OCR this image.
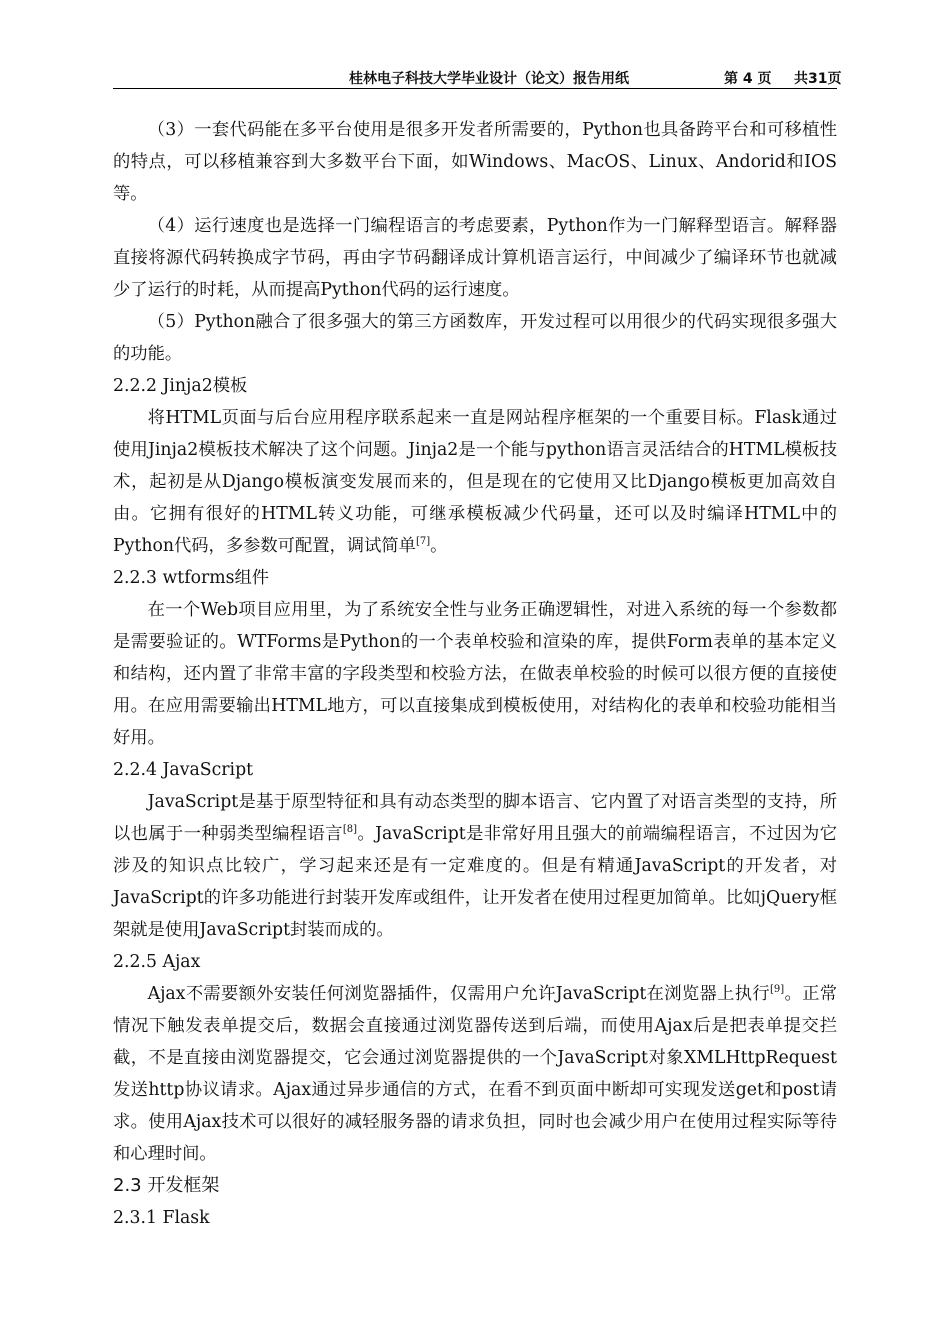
桂林电子科技大学毕业设计（论文）报告用纸	第 4 页 共31页

（3）一套代码能在多平台使用是很多开发者所需要的，Python也具备跨平台和可移植性的特点，可以移植兼容到大多数平台下面，如Windows、MacOS、Linux、Andorid和IOS等。

（4）运行速度也是选择一门编程语言的考虑要素，Python作为一门解释型语言。解释器直接将源代码转换成字节码，再由字节码翻译成计算机语言运行，中间减少了编译环节也就减少了运行的时耗，从而提高Python代码的运行速度。

（5）Python融合了很多强大的第三方函数库，开发过程可以用很少的代码实现很多强大的功能。

2.2.2 Jinja2模板

将HTML页面与后台应用程序联系起来一直是网站程序框架的一个重要目标。Flask通过使用Jinja2模板技术解决了这个问题。Jinja2是一个能与python语言灵活结合的HTML模板技术，起初是从Django模板演变发展而来的，但是现在的它使用又比Django模板更加高效自由。它拥有很好的HTML转义功能，可继承模板减少代码量，还可以及时编译HTML中的Python代码，多参数可配置，调试简单[7]。

2.2.3 wtforms组件

在一个Web项目应用里，为了系统安全性与业务正确逻辑性，对进入系统的每一个参数都是需要验证的。WTForms是Python的一个表单校验和渲染的库，提供Form表单的基本定义和结构，还内置了非常丰富的字段类型和校验方法，在做表单校验的时候可以很方便的直接使用。在应用需要输出HTML地方，可以直接集成到模板使用，对结构化的表单和校验功能相当好用。

2.2.4 JavaScript

JavaScript是基于原型特征和具有动态类型的脚本语言、它内置了对语言类型的支持，所以也属于一种弱类型编程语言[8]。JavaScript是非常好用且强大的前端编程语言，不过因为它涉及的知识点比较广，学习起来还是有一定难度的。但是有精通JavaScript的开发者，对JavaScript的许多功能进行封装开发库或组件，让开发者在使用过程更加简单。比如jQuery框架就是使用JavaScript封装而成的。

2.2.5 Ajax

Ajax不需要额外安装任何浏览器插件，仅需用户允许JavaScript在浏览器上执行[9]。正常情况下触发表单提交后，数据会直接通过浏览器传送到后端，而使用Ajax后是把表单提交拦截，不是直接由浏览器提交，它会通过浏览器提供的一个JavaScript对象XMLHttpRequest发送http协议请求。Ajax通过异步通信的方式，在看不到页面中断却可实现发送get和post请求。使用Ajax技术可以很好的减轻服务器的请求负担，同时也会减少用户在使用过程实际等待和心理时间。

2.3 开发框架
2.3.1 Flask
